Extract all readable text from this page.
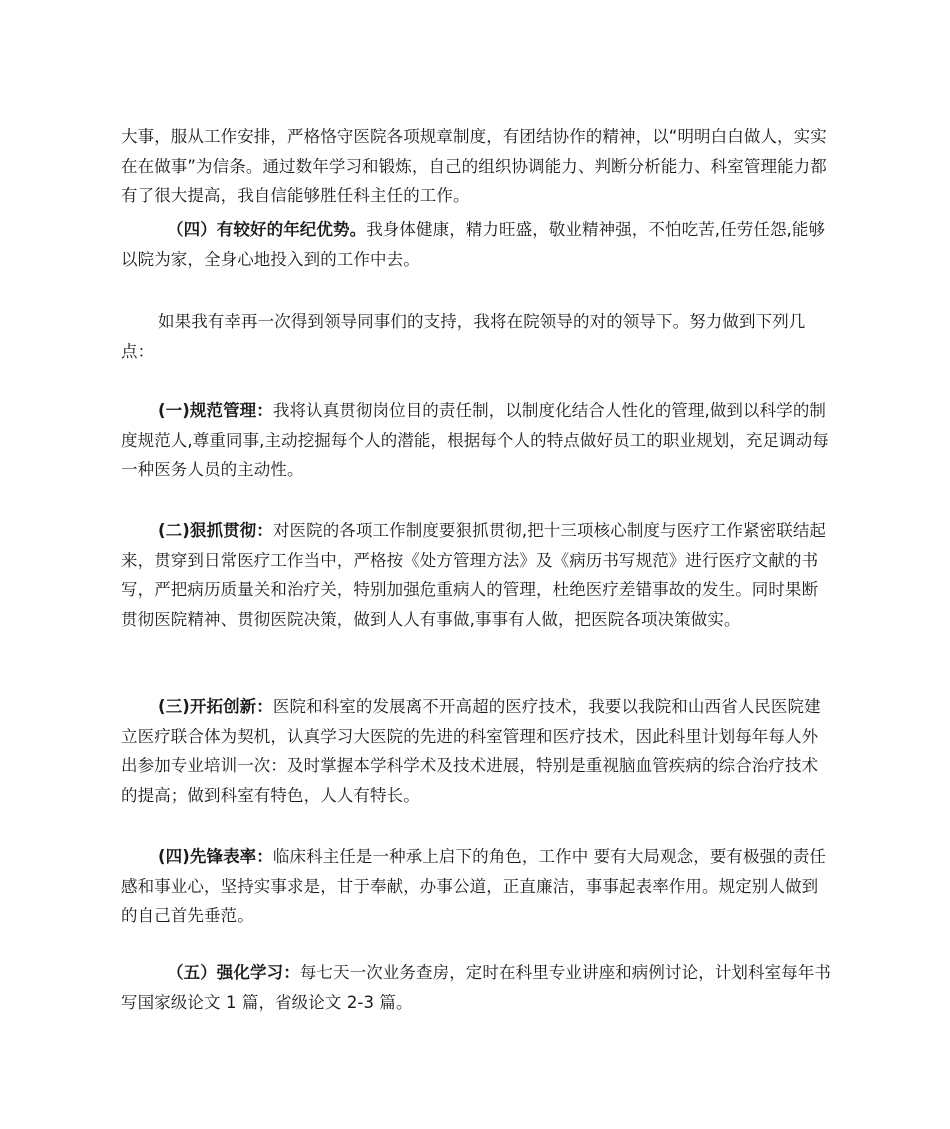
大事，服从工作安排，严格恪守医院各项规章制度，有团结协作的精神，以“明明白白做人，实实在在做事”为信条。通过数年学习和锻炼，自己的组织协调能力、判断分析能力、科室管理能力都有了很大提高，我自信能够胜任科主任的工作。

（四）有较好的年纪优势。我身体健康，精力旺盛，敬业精神强，不怕吃苦,任劳任怨,能够以院为家，全身心地投入到的工作中去。

如果我有幸再一次得到领导同事们的支持，我将在院领导的对的领导下。努力做到下列几点：

(一)规范管理：我将认真贯彻岗位目的责任制，以制度化结合人性化的管理,做到以科学的制度规范人,尊重同事,主动挖掘每个人的潜能，根据每个人的特点做好员工的职业规划，充足调动每一种医务人员的主动性。

(二)狠抓贯彻：对医院的各项工作制度要狠抓贯彻,把十三项核心制度与医疗工作紧密联结起来，贯穿到日常医疗工作当中，严格按《处方管理方法》及《病历书写规范》进行医疗文献的书写，严把病历质量关和治疗关，特别加强危重病人的管理，杜绝医疗差错事故的发生。同时果断贯彻医院精神、贯彻医院决策，做到人人有事做,事事有人做，把医院各项决策做实。

(三)开拓创新：医院和科室的发展离不开高超的医疗技术，我要以我院和山西省人民医院建立医疗联合体为契机，认真学习大医院的先进的科室管理和医疗技术，因此科里计划每年每人外出参加专业培训一次：及时掌握本学科学术及技术进展，特别是重视脑血管疾病的综合治疗技术的提高；做到科室有特色，人人有特长。

(四)先锋表率：临床科主任是一种承上启下的角色，工作中 要有大局观念，要有极强的责任感和事业心，坚持实事求是，甘于奉献，办事公道，正直廉洁，事事起表率作用。规定别人做到的自己首先垂范。

（五）强化学习：每七天一次业务查房，定时在科里专业讲座和病例讨论，计划科室每年书写国家级论文 1 篇，省级论文 2-3 篇。
